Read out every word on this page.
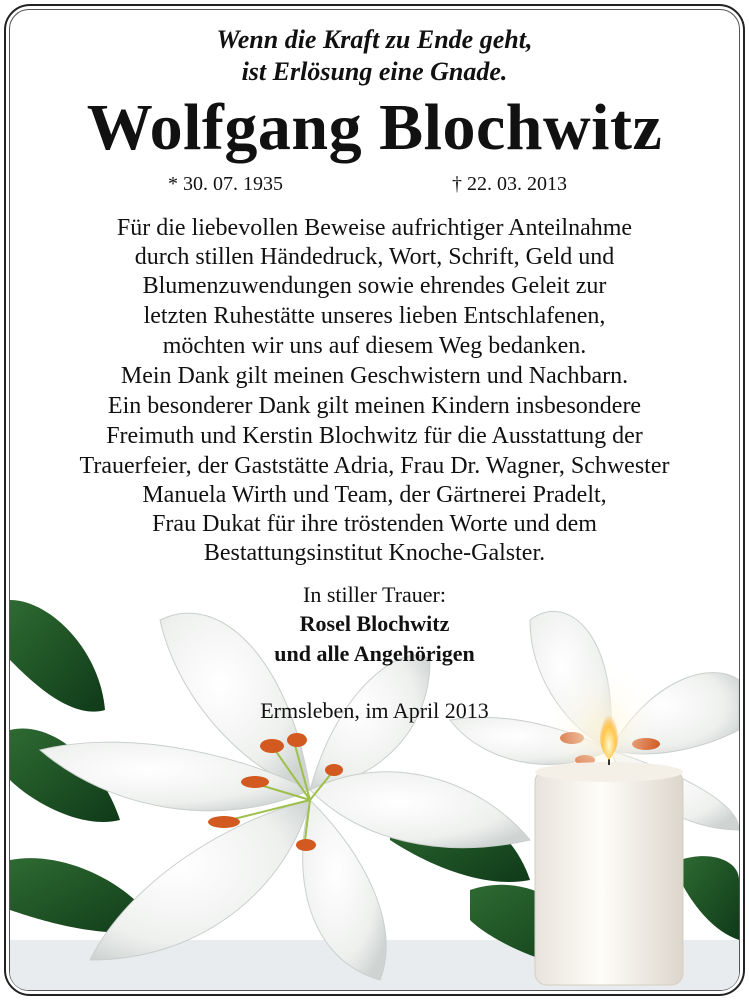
Wenn die Kraft zu Ende geht,
ist Erlösung eine Gnade.
Wolfgang Blochwitz
* 30. 07. 1935	† 22. 03. 2013
Für die liebevollen Beweise aufrichtiger Anteilnahme
durch stillen Händedruck, Wort, Schrift, Geld und
Blumenzuwendungen sowie ehrendes Geleit zur
letzten Ruhestätte unseres lieben Entschlafenen,
möchten wir uns auf diesem Weg bedanken.
Mein Dank gilt meinen Geschwistern und Nachbarn.
Ein besonderer Dank gilt meinen Kindern insbesondere
Freimuth und Kerstin Blochwitz für die Ausstattung der
Trauerfeier, der Gaststätte Adria, Frau Dr. Wagner, Schwester
Manuela Wirth und Team, der Gärtnerei Pradelt,
Frau Dukat für ihre tröstenden Worte und dem
Bestattungsinstitut Knoche-Galster.
In stiller Trauer:
Rosel Blochwitz
und alle Angehörigen
Ermsleben, im April 2013
